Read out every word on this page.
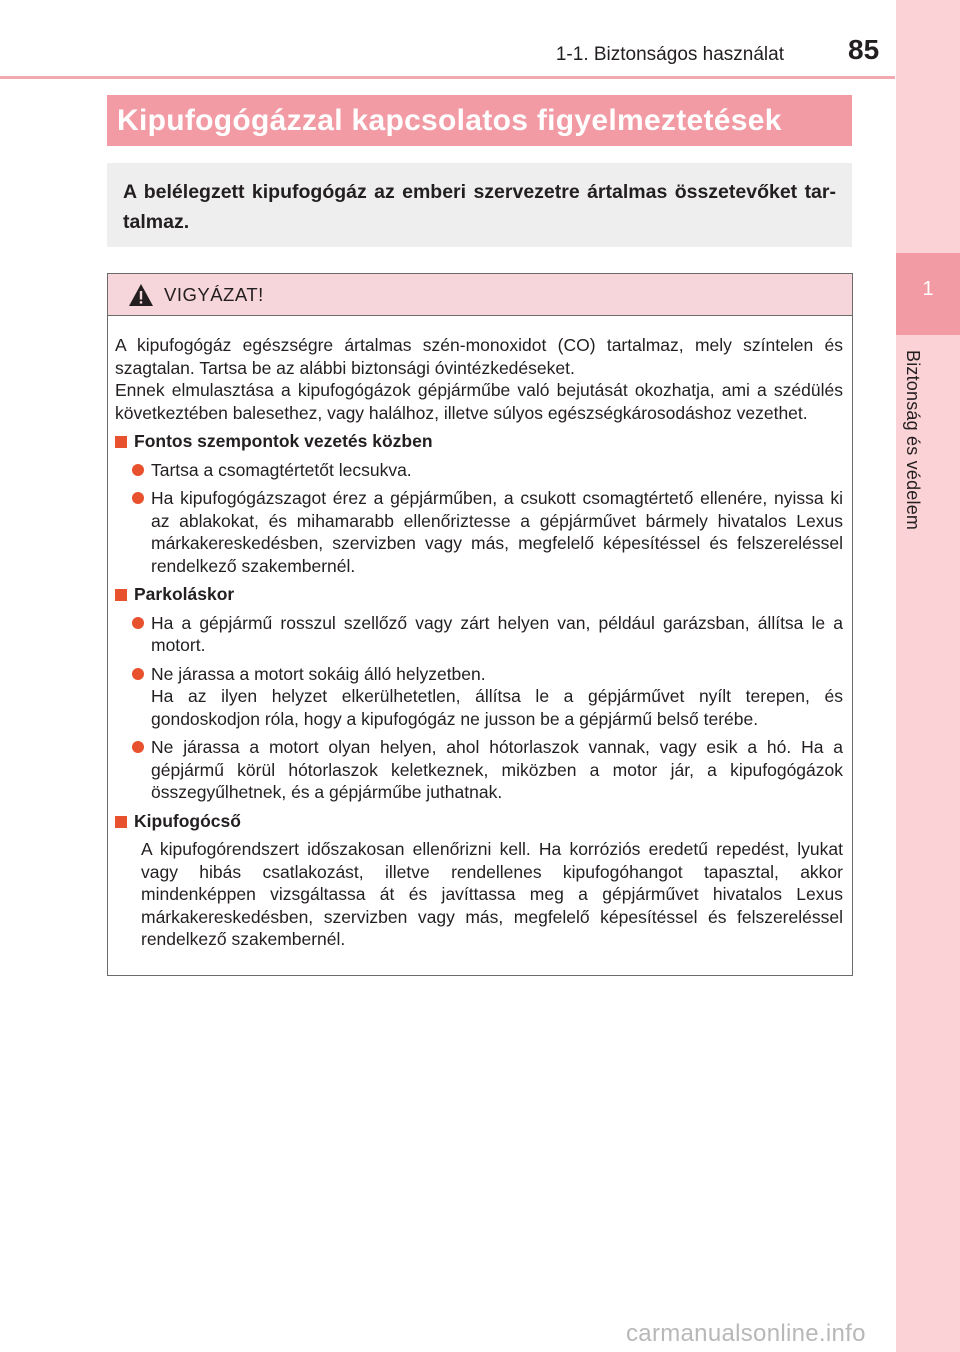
1-1. Biztonságos használat 85
1
Biztonság és védelem
Kipufogógázzal kapcsolatos figyelmeztetések
A belélegzett kipufogógáz az emberi szervezetre ártalmas összetevőket tar-talmaz.
VIGYÁZAT!

A kipufogógáz egészségre ártalmas szén-monoxidot (CO) tartalmaz, mely színtelen és szagtalan. Tartsa be az alábbi biztonsági óvintézkedéseket.

Ennek elmulasztása a kipufogógázok gépjárműbe való bejutását okozhatja, ami a szédülés következtében balesethez, vagy halálhoz, illetve súlyos egészségkárosodáshoz vezethet.

Fontos szempontok vezetés közben
Tartsa a csomagtértetőt lecsukva.
Ha kipufogógázszagot érez a gépjárműben, a csukott csomagtértető ellenére, nyissa ki az ablakokat, és mihamarabb ellenőriztesse a gépjárművet bármely hivatalos Lexus márkakereskedésben, szervizben vagy más, megfelelő képesítéssel és felszereléssel rendelkező szakembernél.
Parkoláskor
Ha a gépjármű rosszul szellőző vagy zárt helyen van, például garázsban, állítsa le a motort.
Ne járassa a motort sokáig álló helyzetben.
Ha az ilyen helyzet elkerülhetetlen, állítsa le a gépjárművet nyílt terepen, és gondoskodjon róla, hogy a kipufogógáz ne jusson be a gépjármű belső terébe.
Ne járassa a motort olyan helyen, ahol hótorlaszok vannak, vagy esik a hó. Ha a gépjármű körül hótorlaszok keletkeznek, miközben a motor jár, a kipufogógázok összegyűlhetnek, és a gépjárműbe juthatnak.
Kipufogócső

A kipufogórendszert időszakosan ellenőrizni kell. Ha korróziós eredetű repedést, lyukat vagy hibás csatlakozást, illetve rendellenes kipufogóhangot tapasztal, akkor mindenképpen vizsgáltassa át és javíttassa meg a gépjárművet hivatalos Lexus márkakereskedésben, szervizben vagy más, megfelelő képesítéssel és felszereléssel rendelkező szakembernél.

carmanualsonline.info
